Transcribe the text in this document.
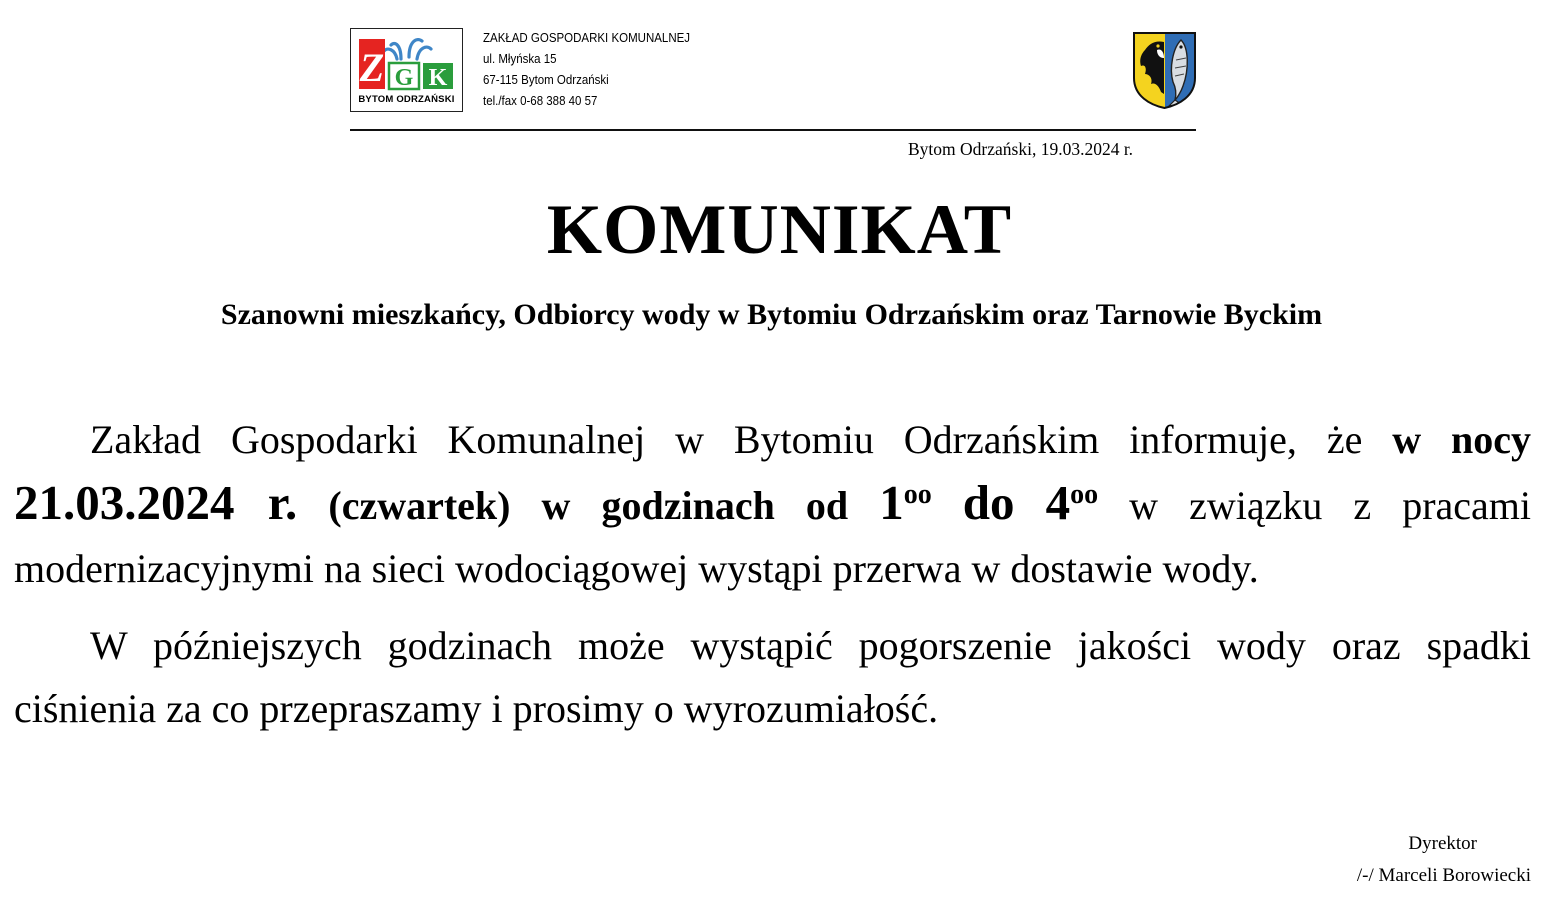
Z G K
BYTOM ODRZAŃSKI
ZAKŁAD GOSPODARKI KOMUNALNEJ
ul. Młyńska 15
67-115 Bytom Odrzański
tel./fax 0-68 388 40 57
Bytom Odrzański, 19.03.2024 r.
KOMUNIKAT
Szanowni mieszkańcy, Odbiorcy wody w Bytomiu Odrzańskim oraz Tarnowie Byckim

Zakład Gospodarki Komunalnej w Bytomiu Odrzańskim informuje, że w nocy 21.03.2024 r. (czwartek) w godzinach od $1^{oo}$ do $4^{oo}$ w związku z pracami modernizacyjnymi na sieci wodociągowej wystąpi przerwa w dostawie wody.

W późniejszych godzinach może wystąpić pogorszenie jakości wody oraz spadki ciśnienia za co przepraszamy i prosimy o wyrozumiałość.

Dyrektor
/-/ Marceli Borowiecki
